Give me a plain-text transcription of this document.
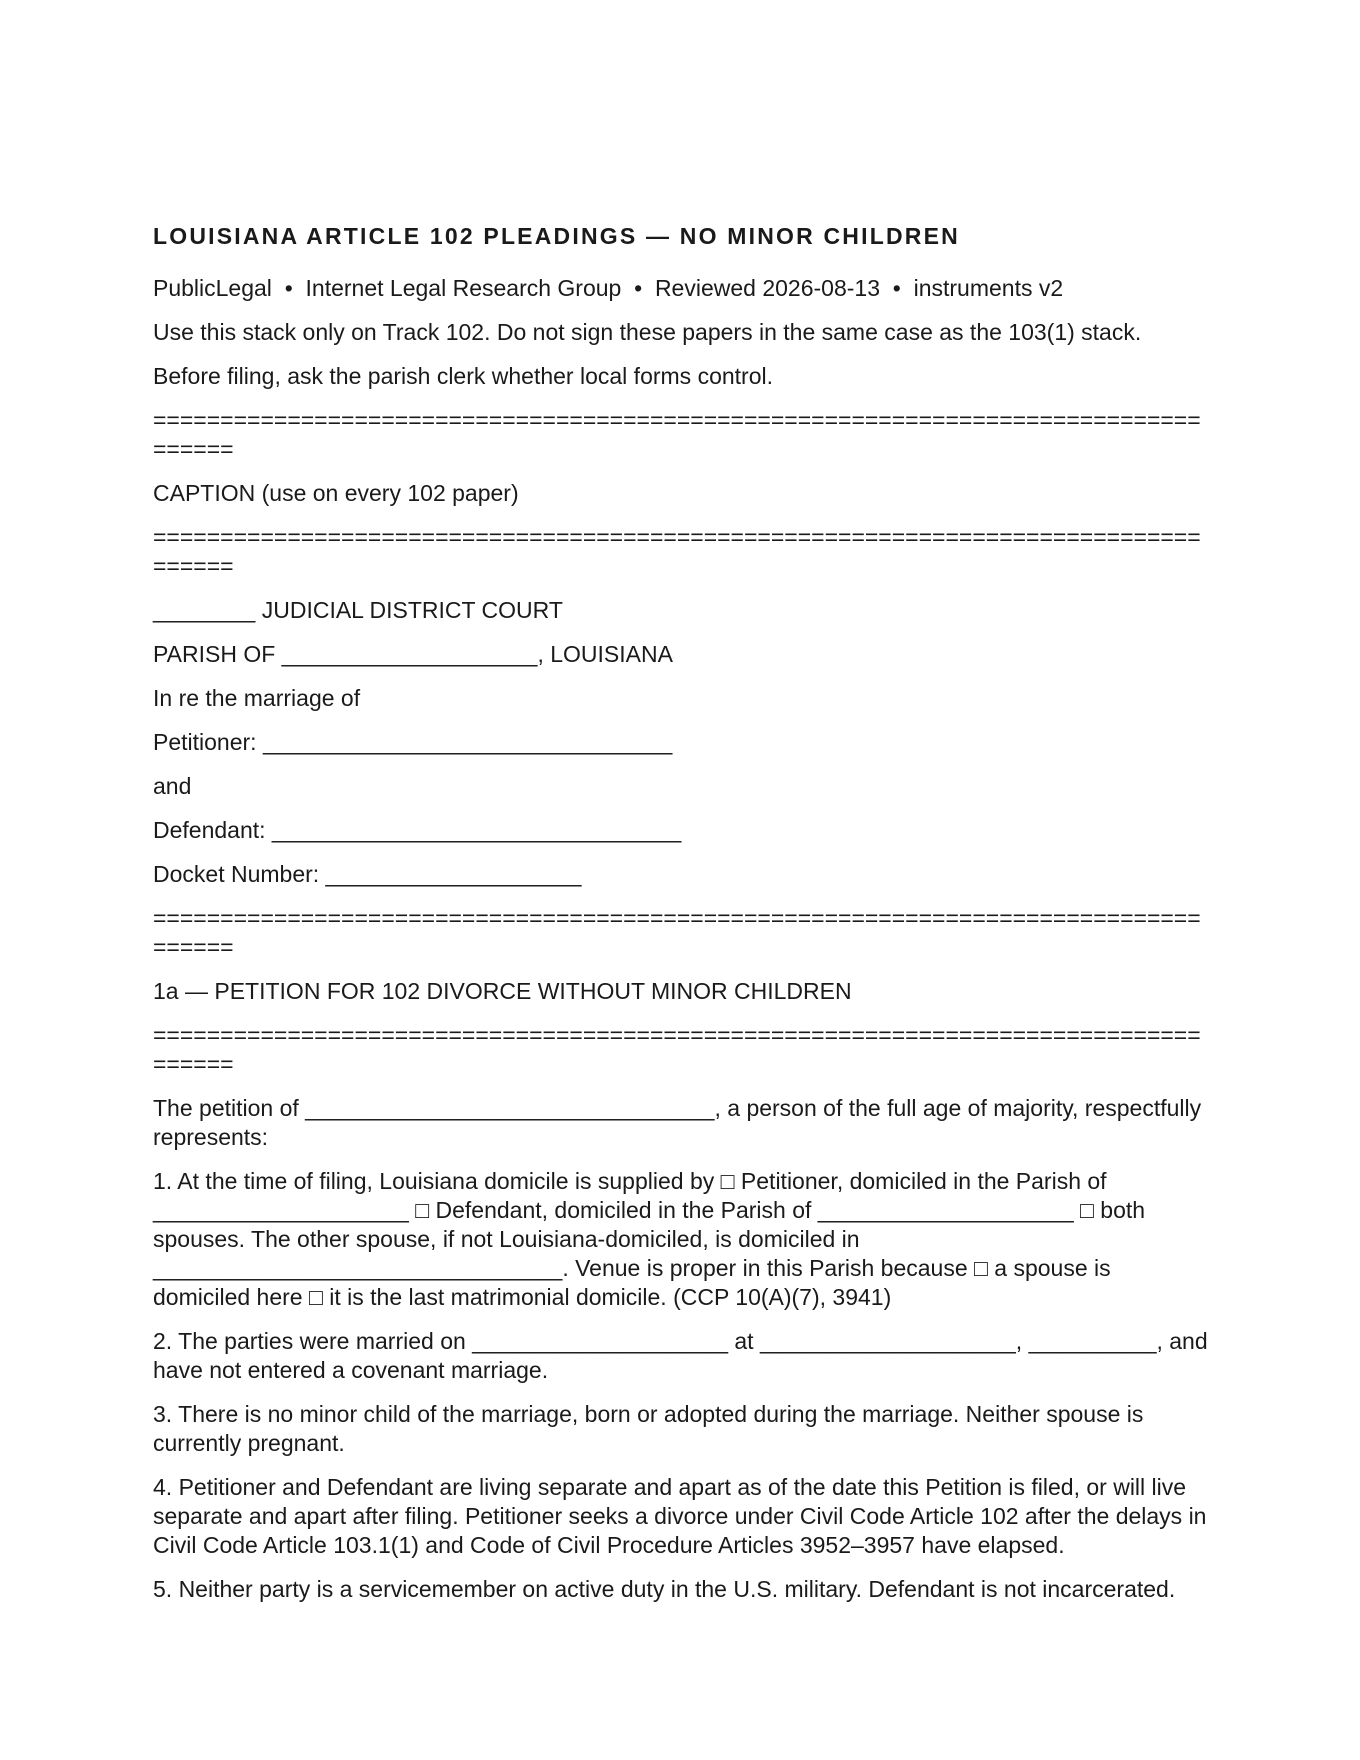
LOUISIANA ARTICLE 102 PLEADINGS — NO MINOR CHILDREN
PublicLegal  •  Internet Legal Research Group  •  Reviewed 2026-08-13  •  instruments v2
Use this stack only on Track 102. Do not sign these papers in the same case as the 103(1) stack.
Before filing, ask the parish clerk whether local forms control.
====================================================================================
CAPTION (use on every 102 paper)
====================================================================================
________ JUDICIAL DISTRICT COURT
PARISH OF ____________________, LOUISIANA
In re the marriage of
Petitioner: ________________________________
and
Defendant: ________________________________
Docket Number: ____________________
====================================================================================
1a — PETITION FOR 102 DIVORCE WITHOUT MINOR CHILDREN
====================================================================================
The petition of ________________________________, a person of the full age of majority, respectfully represents:
1. At the time of filing, Louisiana domicile is supplied by □ Petitioner, domiciled in the Parish of ____________________ □ Defendant, domiciled in the Parish of ____________________ □ both spouses. The other spouse, if not Louisiana-domiciled, is domiciled in ________________________________. Venue is proper in this Parish because □ a spouse is domiciled here □ it is the last matrimonial domicile. (CCP 10(A)(7), 3941)
2. The parties were married on ____________________ at ____________________, __________, and have not entered a covenant marriage.
3. There is no minor child of the marriage, born or adopted during the marriage. Neither spouse is currently pregnant.
4. Petitioner and Defendant are living separate and apart as of the date this Petition is filed, or will live separate and apart after filing. Petitioner seeks a divorce under Civil Code Article 102 after the delays in Civil Code Article 103.1(1) and Code of Civil Procedure Articles 3952–3957 have elapsed.
5. Neither party is a servicemember on active duty in the U.S. military. Defendant is not incarcerated.
